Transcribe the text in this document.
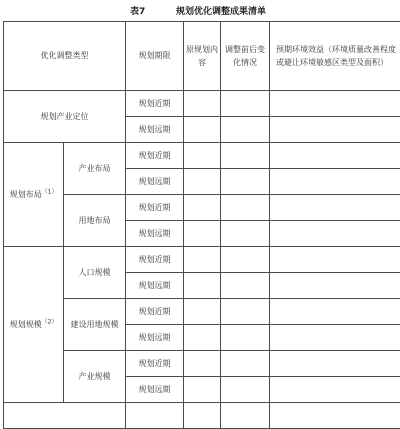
表7	规划优化调整成果清单
优化调整类型		规划期限	原规划内容	调整前后变化情况	预期环境效益（环境质量改善程度或避让环境敏感区类型及面积）
规划产业定位		规划近期			
		规划远期			
规划布局$^{(1)}$	产业布局	规划近期			
		规划远期			
	用地布局	规划近期			
		规划远期			
规划规模$^{(2)}$	人口规模	规划近期			
		规划远期			
	建设用地规模	规划近期			
		规划远期			
	产业规模	规划近期			
		规划远期			
